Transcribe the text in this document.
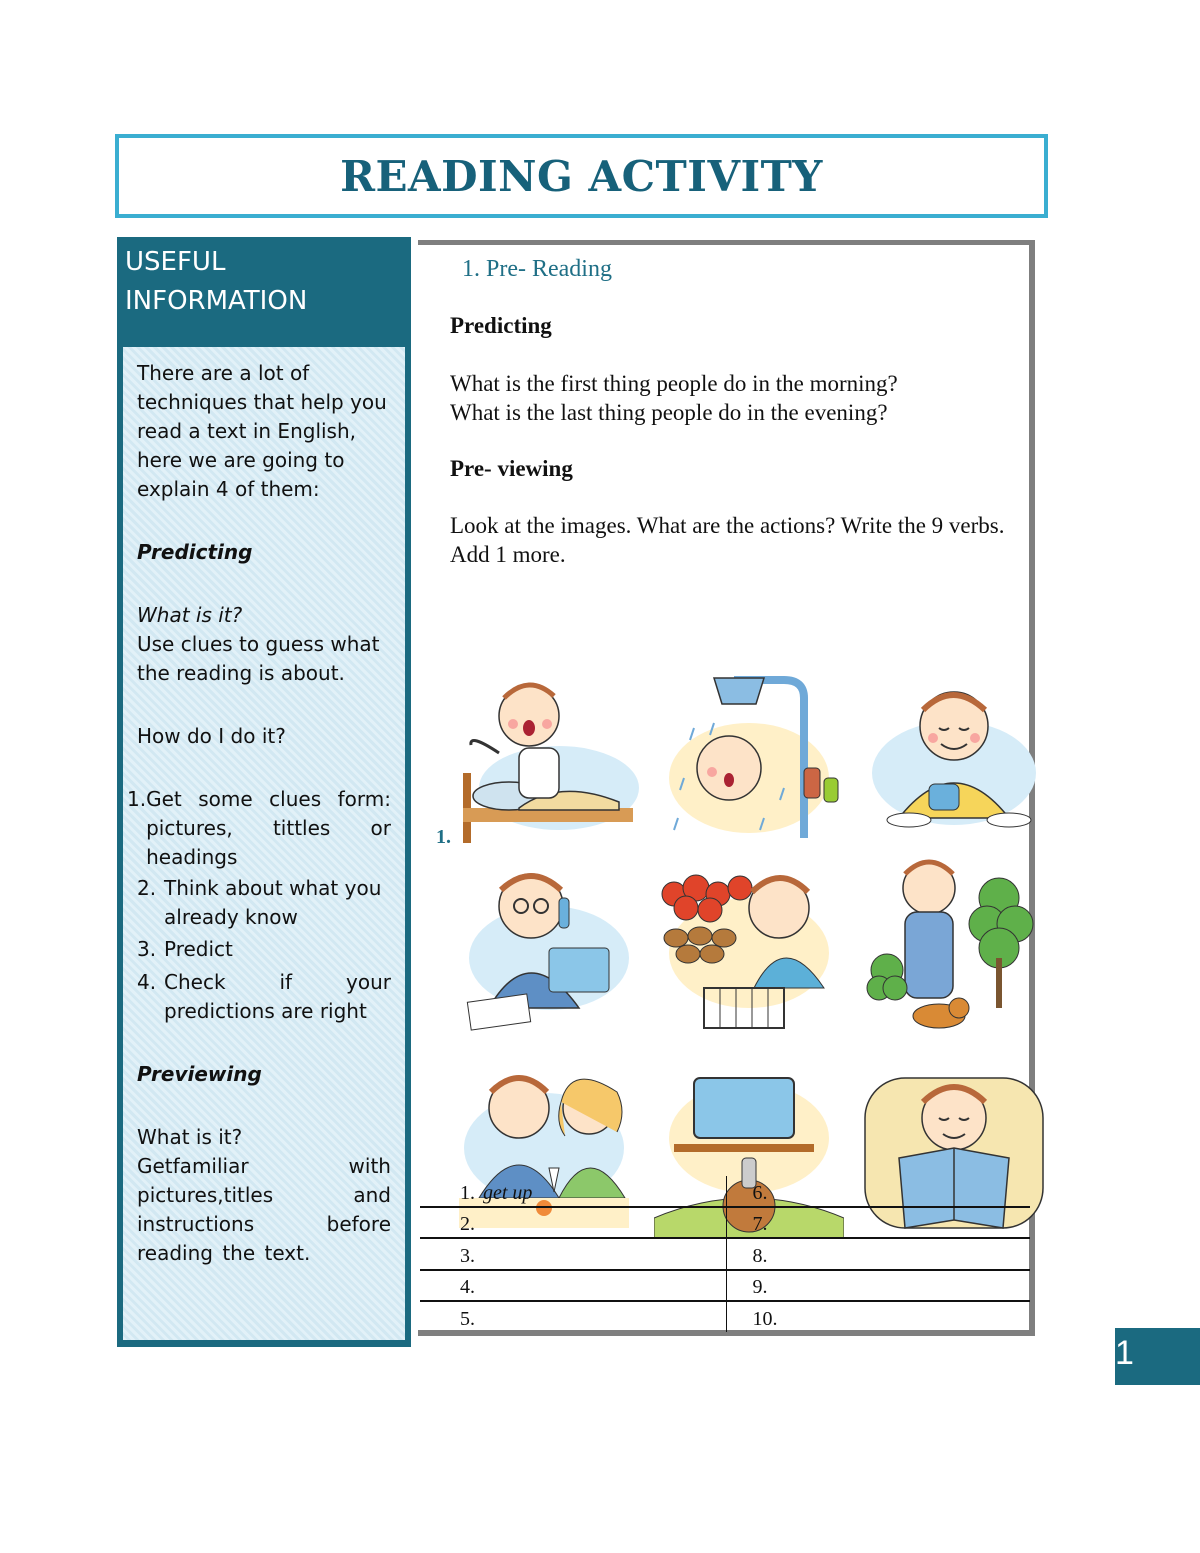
READING ACTIVITY
USEFUL
INFORMATION

There are a lot of techniques that help you read a text in English, here we are going to explain 4 of them:

Predicting

What is it?

Use clues to guess what the reading is about.

How do I do it?

1. Get some clues form: pictures, tittles or headings
2. Think about what you already know
3. Predict
4. Check if your predictions are right

Previewing

What is it?

Getfamiliar with pictures,titles and instructions before reading the text.

1. Pre- Reading

Predicting

What is the first thing people do in the morning?

What is the last thing people do in the evening?

Pre- viewing

Look at the images. What are the actions? Write the 9 verbs. Add 1 more.

1.
1. get up	6.
2.	7.
3.	8.
4.	9.
5.	10.
1
